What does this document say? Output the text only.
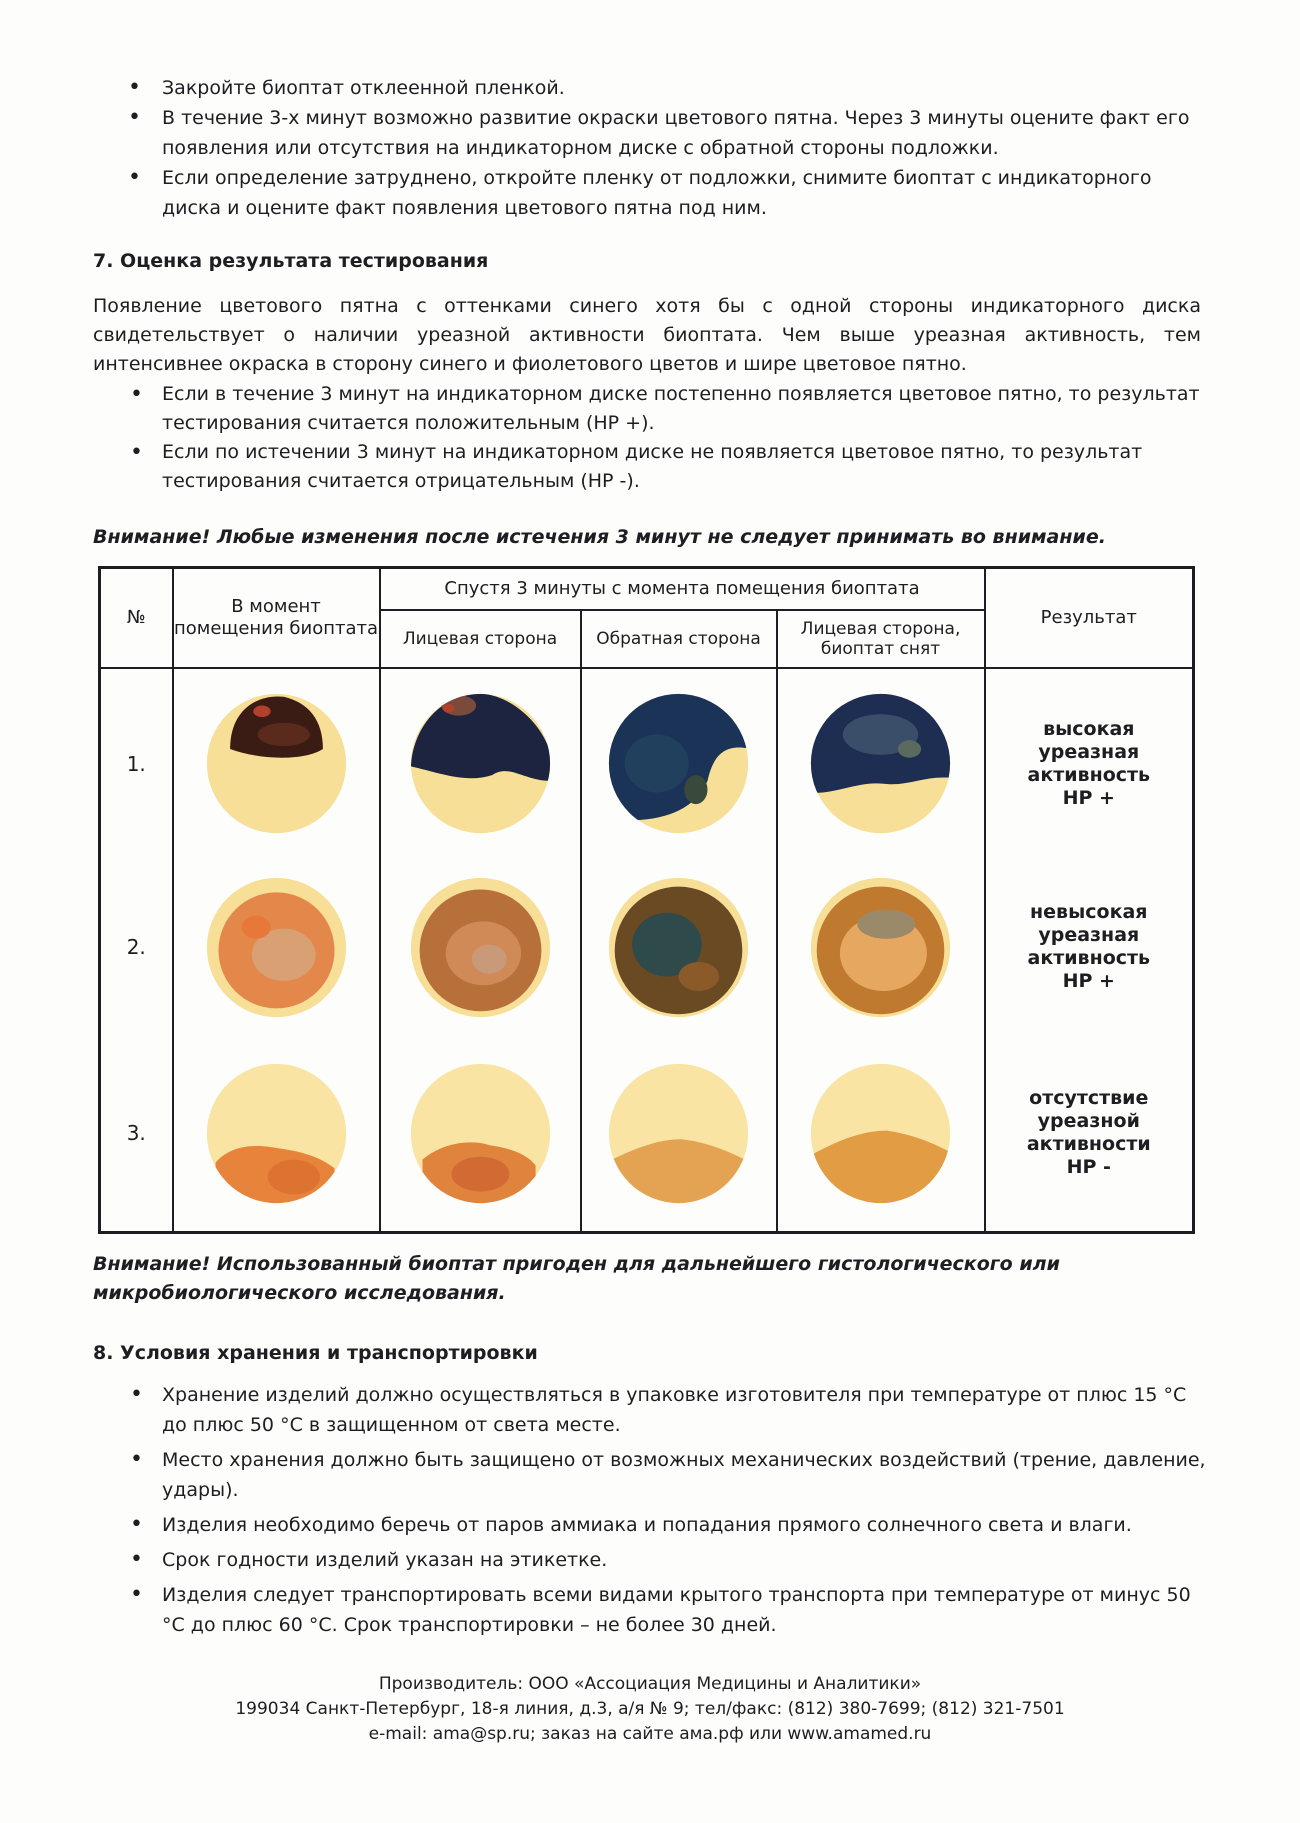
• Закройте биоптат отклеенной пленкой.
• В течение 3-х минут возможно развитие окраски цветового пятна. Через 3 минуты оцените факт его появления или отсутствия на индикаторном диске с обратной стороны подложки.
• Если определение затруднено, откройте пленку от подложки, снимите биоптат с индикаторного диска и оцените факт появления цветового пятна под ним.
7. Оценка результата тестирования

Появление цветового пятна с оттенками синего хотя бы с одной стороны индикаторного диска свидетельствует о наличии уреазной активности биоптата. Чем выше уреазная активность, тем интенсивнее окраска в сторону синего и фиолетового цветов и шире цветовое пятно.

• Если в течение 3 минут на индикаторном диске постепенно появляется цветовое пятно, то результат тестирования считается положительным (НР +).
• Если по истечении 3 минут на индикаторном диске не появляется цветовое пятно, то результат тестирования считается отрицательным (НР -).

Внимание! Любые изменения после истечения 3 минут не следует принимать во внимание.

№	В момент помещения биоптата	Спустя 3 минуты с момента помещения биоптата			Результат
		Лицевая сторона	Обратная сторона	Лицевая сторона, биоптат снят	
1.					высокая
уреазная
активность
НР +

2.					невысокая
уреазная
активность
НР +

3.					отсутствие
уреазной
активности
НР -

Внимание! Использованный биоптат пригоден для дальнейшего гистологического или микробиологического исследования.

8. Условия хранения и транспортировки
• Хранение изделий должно осуществляться в упаковке изготовителя при температуре от плюс 15 °С до плюс 50 °С в защищенном от света месте.
• Место хранения должно быть защищено от возможных механических воздействий (трение, давление, удары).
• Изделия необходимо беречь от паров аммиака и попадания прямого солнечного света и влаги.
• Срок годности изделий указан на этикетке.
• Изделия следует транспортировать всеми видами крытого транспорта при температуре от минус 50 °С до плюс 60 °С. Срок транспортировки – не более 30 дней.
Производитель: ООО «Ассоциация Медицины и Аналитики»
199034 Санкт-Петербург, 18-я линия, д.3, а/я № 9; тел/факс: (812) 380-7699; (812) 321-7501
e-mail: ama@sp.ru; заказ на сайте ама.рф или www.amamed.ru
